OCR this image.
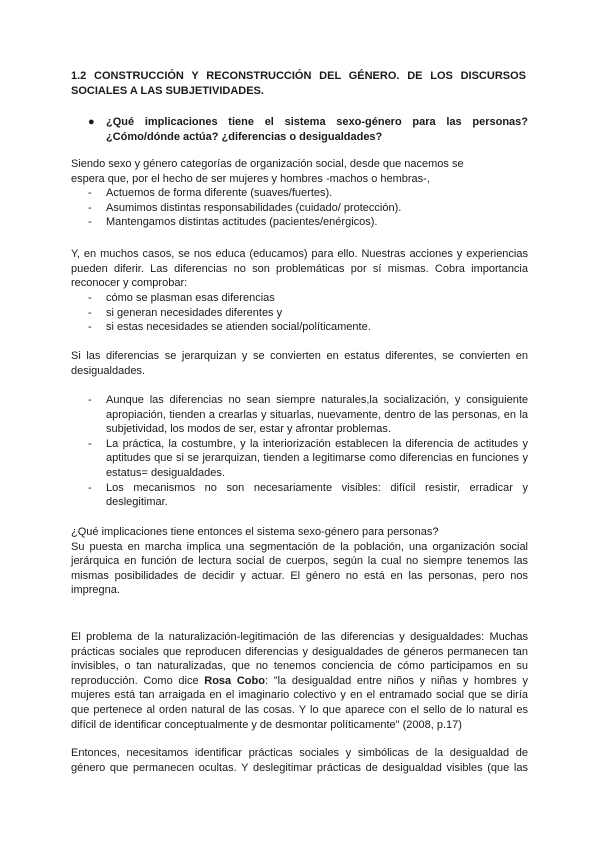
1.2 CONSTRUCCIÓN Y RECONSTRUCCIÓN DEL GÉNERO. DE LOS DISCURSOS
SOCIALES A LAS SUBJETIVIDADES.
● ¿Qué implicaciones tiene el sistema sexo-género para las personas?
¿Cómo/dónde actúa? ¿diferencias o desigualdades?
Siendo sexo y género categorías de organización social, desde que nacemos se
espera que, por el hecho de ser mujeres y hombres -machos o hembras-,
- Actuemos de forma diferente (suaves/fuertes).
- Asumimos distintas responsabilidades (cuidado/ protección).
- Mantengamos distintas actitudes (pacientes/enérgicos).
Y, en muchos casos, se nos educa (educamos) para ello. Nuestras acciones y experiencias
pueden diferir. Las diferencias no son problemáticas por sí mismas. Cobra importancia
reconocer y comprobar:
- cómo se plasman esas diferencias
- si generan necesidades diferentes y
- si estas necesidades se atienden social/políticamente.
Si las diferencias se jerarquizan y se convierten en estatus diferentes, se convierten en
desigualdades.
- Aunque las diferencias no sean siempre naturales,la socialización, y consiguiente
apropiación, tienden a crearlas y situarlas, nuevamente, dentro de las personas, en la
subjetividad, los modos de ser, estar y afrontar problemas.
- La práctica, la costumbre, y la interiorización establecen la diferencia de actitudes y
aptitudes que si se jerarquizan, tienden a legitimarse como diferencias en funciones y
estatus= desigualdades.
- Los mecanismos no son necesariamente visibles: difícil resistir, erradicar y
deslegitimar.
¿Qué implicaciones tiene entonces el sistema sexo-género para personas?
Su puesta en marcha implica una segmentación de la población, una organización social
jerárquica en función de lectura social de cuerpos, según la cual no siempre tenemos las
mismas posibilidades de decidir y actuar. El género no está en las personas, pero nos
impregna.
El problema de la naturalización-legitimación de las diferencias y desigualdades: Muchas
prácticas sociales que reproducen diferencias y desigualdades de géneros permanecen tan
invisibles, o tan naturalizadas, que no tenemos conciencia de cómo participamos en su
reproducción. Como dice Rosa Cobo: "la desigualdad entre niños y niñas y hombres y
mujeres está tan arraigada en el imaginario colectivo y en el entramado social que se diría
que pertenece al orden natural de las cosas. Y lo que aparece con el sello de lo natural es
difícil de identificar conceptualmente y de desmontar políticamente" (2008, p.17)
Entonces, necesitamos identificar prácticas sociales y simbólicas de la desigualdad de
género que permanecen ocultas. Y deslegitimar prácticas de desigualdad visibles (que las
